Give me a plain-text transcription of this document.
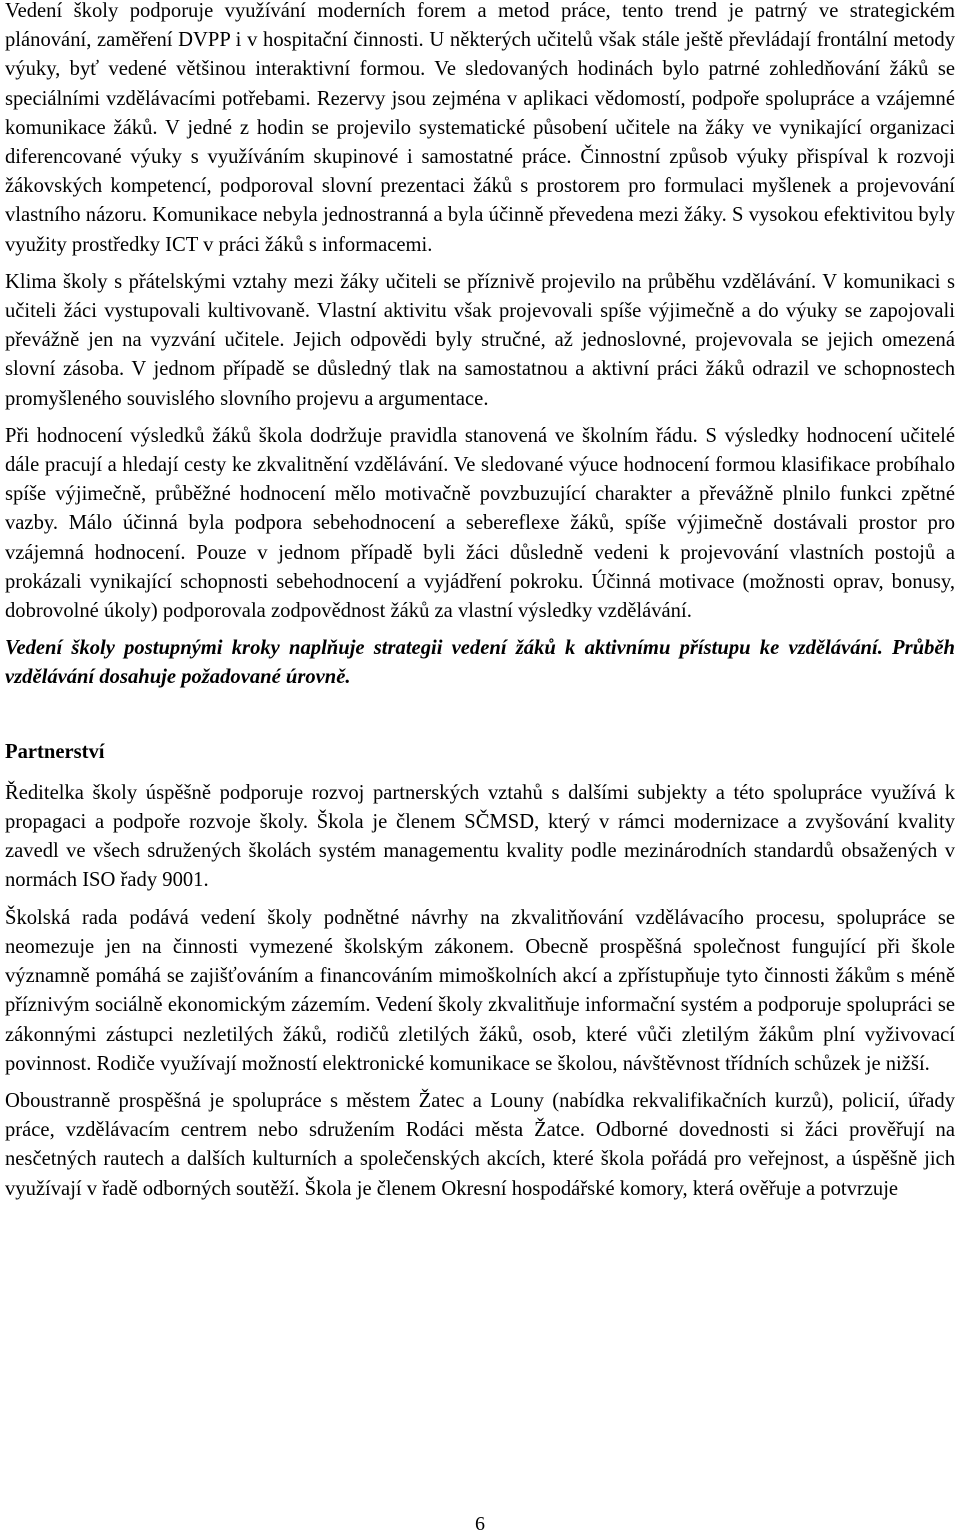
Vedení školy podporuje využívání moderních forem a metod práce, tento trend je patrný ve strategickém plánování, zaměření DVPP i v hospitační činnosti. U některých učitelů však stále ještě převládají frontální metody výuky, byť vedené většinou interaktivní formou. Ve sledovaných hodinách bylo patrné zohledňování žáků se speciálními vzdělávacími potřebami. Rezervy jsou zejména v aplikaci vědomostí, podpoře spolupráce a vzájemné komunikace žáků. V jedné z hodin se projevilo systematické působení učitele na žáky ve vynikající organizaci diferencované výuky s využíváním skupinové i samostatné práce. Činnostní způsob výuky přispíval k rozvoji žákovských kompetencí, podporoval slovní prezentaci žáků s prostorem pro formulaci myšlenek a projevování vlastního názoru. Komunikace nebyla jednostranná a byla účinně převedena mezi žáky. S vysokou efektivitou byly využity prostředky ICT v práci žáků s informacemi.

Klima školy s přátelskými vztahy mezi žáky učiteli se příznivě projevilo na průběhu vzdělávání. V komunikaci s učiteli žáci vystupovali kultivovaně. Vlastní aktivitu však projevovali spíše výjimečně a do výuky se zapojovali převážně jen na vyzvání učitele. Jejich odpovědi byly stručné, až jednoslovné, projevovala se jejich omezená slovní zásoba. V jednom případě se důsledný tlak na samostatnou a aktivní práci žáků odrazil ve schopnostech promyšleného souvislého slovního projevu a argumentace.

Při hodnocení výsledků žáků škola dodržuje pravidla stanovená ve školním řádu. S výsledky hodnocení učitelé dále pracují a hledají cesty ke zkvalitnění vzdělávání. Ve sledované výuce hodnocení formou klasifikace probíhalo spíše výjimečně, průběžné hodnocení mělo motivačně povzbuzující charakter a převážně plnilo funkci zpětné vazby. Málo účinná byla podpora sebehodnocení a sebereflexe žáků, spíše výjimečně dostávali prostor pro vzájemná hodnocení. Pouze v jednom případě byli žáci důsledně vedeni k projevování vlastních postojů a prokázali vynikající schopnosti sebehodnocení a vyjádření pokroku. Účinná motivace (možnosti oprav, bonusy, dobrovolné úkoly) podporovala zodpovědnost žáků za vlastní výsledky vzdělávání.

Vedení školy postupnými kroky naplňuje strategii vedení žáků k aktivnímu přístupu ke vzdělávání. Průběh vzdělávání dosahuje požadované úrovně.

Partnerství

Ředitelka školy úspěšně podporuje rozvoj partnerských vztahů s dalšími subjekty a této spolupráce využívá k propagaci a podpoře rozvoje školy. Škola je členem SČMSD, který v rámci modernizace a zvyšování kvality zavedl ve všech sdružených školách systém managementu kvality podle mezinárodních standardů obsažených v normách ISO řady 9001.

Školská rada podává vedení školy podnětné návrhy na zkvalitňování vzdělávacího procesu, spolupráce se neomezuje jen na činnosti vymezené školským zákonem. Obecně prospěšná společnost fungující při škole významně pomáhá se zajišťováním a financováním mimoškolních akcí a zpřístupňuje tyto činnosti žákům s méně příznivým sociálně ekonomickým zázemím. Vedení školy zkvalitňuje informační systém a podporuje spolupráci se zákonnými zástupci nezletilých žáků, rodičů zletilých žáků, osob, které vůči zletilým žákům plní vyživovací povinnost. Rodiče využívají možností elektronické komunikace se školou, návštěvnost třídních schůzek je nižší.

Oboustranně prospěšná je spolupráce s městem Žatec a Louny (nabídka rekvalifikačních kurzů), policií, úřady práce, vzdělávacím centrem nebo sdružením Rodáci města Žatce. Odborné dovednosti si žáci prověřují na nesčetných rautech a dalších kulturních a společenských akcích, které škola pořádá pro veřejnost, a úspěšně jich využívají v řadě odborných soutěží. Škola je členem Okresní hospodářské komory, která ověřuje a potvrzuje

6
